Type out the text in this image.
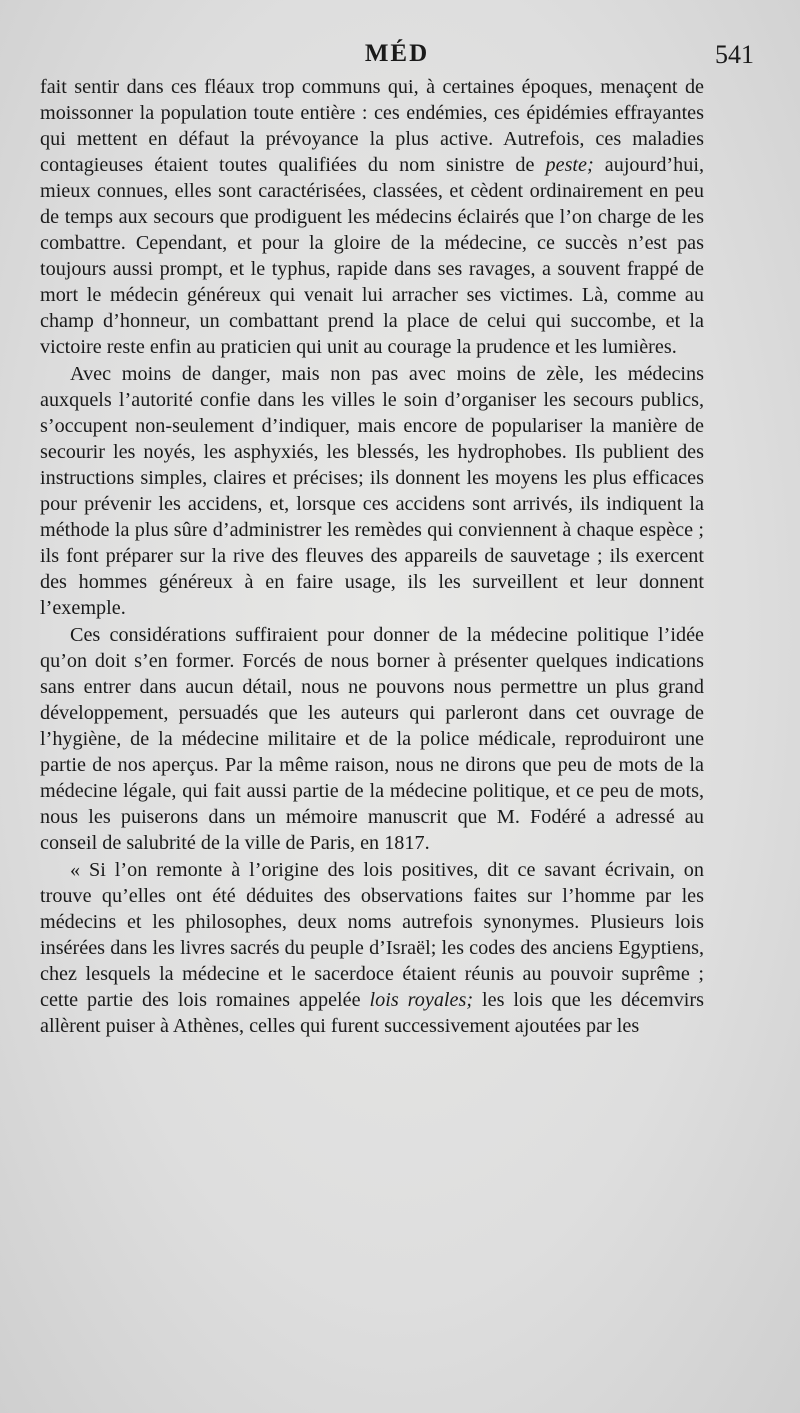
MÉD	541

fait sentir dans ces fléaux trop communs qui, à certaines époques, menaçent de moissonner la population toute entière : ces endémies, ces épidémies effrayantes qui mettent en défaut la prévoyance la plus active. Autrefois, ces maladies contagieuses étaient toutes qualifiées du nom sinistre de peste; aujourd’hui, mieux connues, elles sont caractérisées, classées, et cèdent ordinairement en peu de temps aux secours que prodiguent les médecins éclairés que l’on charge de les combattre. Cependant, et pour la gloire de la médecine, ce succès n’est pas toujours aussi prompt, et le typhus, rapide dans ses ravages, a souvent frappé de mort le médecin généreux qui venait lui arracher ses victimes. Là, comme au champ d’honneur, un combattant prend la place de celui qui succombe, et la victoire reste enfin au praticien qui unit au courage la prudence et les lumières.

Avec moins de danger, mais non pas avec moins de zèle, les médecins auxquels l’autorité confie dans les villes le soin d’organiser les secours publics, s’occupent non-seulement d’indiquer, mais encore de populariser la manière de secourir les noyés, les asphyxiés, les blessés, les hydrophobes. Ils publient des instructions simples, claires et précises; ils donnent les moyens les plus efficaces pour prévenir les accidens, et, lorsque ces accidens sont arrivés, ils indiquent la méthode la plus sûre d’administrer les remèdes qui conviennent à chaque espèce ; ils font préparer sur la rive des fleuves des appareils de sauvetage ; ils exercent des hommes généreux à en faire usage, ils les surveillent et leur donnent l’exemple.

Ces considérations suffiraient pour donner de la médecine politique l’idée qu’on doit s’en former. Forcés de nous borner à présenter quelques indications sans entrer dans aucun détail, nous ne pouvons nous permettre un plus grand développement, persuadés que les auteurs qui parleront dans cet ouvrage de l’hygiène, de la médecine militaire et de la police médicale, reproduiront une partie de nos aperçus. Par la même raison, nous ne dirons que peu de mots de la médecine légale, qui fait aussi partie de la médecine politique, et ce peu de mots, nous les puiserons dans un mémoire manuscrit que M. Fodéré a adressé au conseil de salubrité de la ville de Paris, en 1817.

« Si l’on remonte à l’origine des lois positives, dit ce savant écrivain, on trouve qu’elles ont été déduites des observations faites sur l’homme par les médecins et les philosophes, deux noms autrefois synonymes. Plusieurs lois insérées dans les livres sacrés du peuple d’Israël; les codes des anciens Egyptiens, chez lesquels la médecine et le sacerdoce étaient réunis au pouvoir suprême ; cette partie des lois romaines appelée lois royales; les lois que les décemvirs allèrent puiser à Athènes, celles qui furent successivement ajoutées par les
